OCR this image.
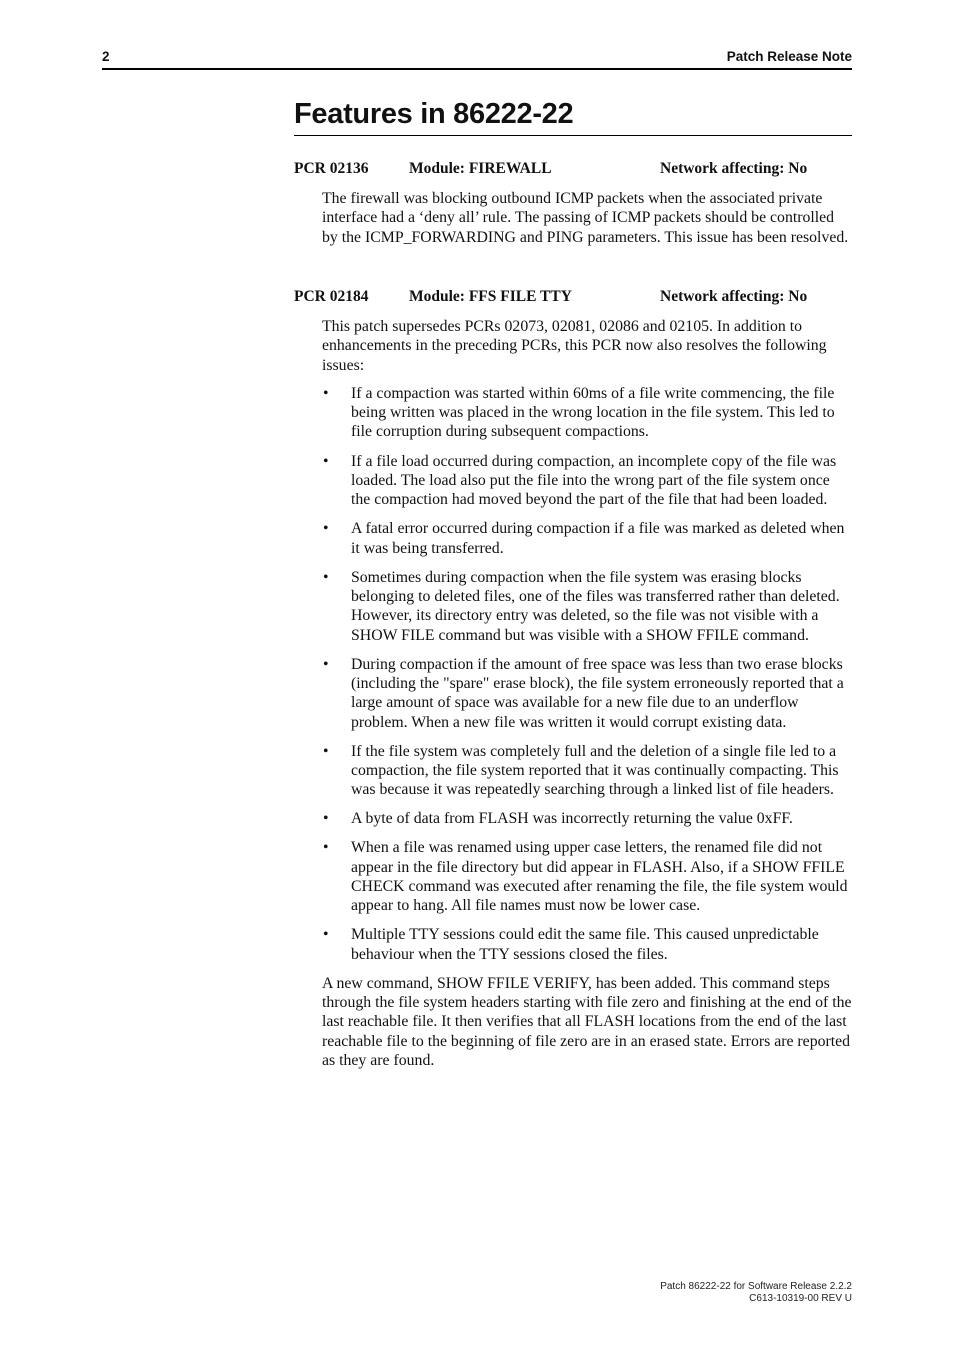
2	Patch Release Note
Features in 86222-22
PCR 02136	Module: FIREWALL	Network affecting: No

The firewall was blocking outbound ICMP packets when the associated private interface had a ‘deny all’ rule. The passing of ICMP packets should be controlled by the ICMP_FORWARDING and PING parameters. This issue has been resolved.

PCR 02184	Module: FFS FILE TTY	Network affecting: No

This patch supersedes PCRs 02073, 02081, 02086 and 02105. In addition to enhancements in the preceding PCRs, this PCR now also resolves the following issues:

• If a compaction was started within 60ms of a file write commencing, the file being written was placed in the wrong location in the file system. This led to file corruption during subsequent compactions.
• If a file load occurred during compaction, an incomplete copy of the file was loaded. The load also put the file into the wrong part of the file system once the compaction had moved beyond the part of the file that had been loaded.
• A fatal error occurred during compaction if a file was marked as deleted when it was being transferred.
• Sometimes during compaction when the file system was erasing blocks belonging to deleted files, one of the files was transferred rather than deleted. However, its directory entry was deleted, so the file was not visible with a SHOW FILE command but was visible with a SHOW FFILE command.
• During compaction if the amount of free space was less than two erase blocks (including the "spare" erase block), the file system erroneously reported that a large amount of space was available for a new file due to an underflow problem. When a new file was written it would corrupt existing data.
• If the file system was completely full and the deletion of a single file led to a compaction, the file system reported that it was continually compacting. This was because it was repeatedly searching through a linked list of file headers.
• A byte of data from FLASH was incorrectly returning the value 0xFF.
• When a file was renamed using upper case letters, the renamed file did not appear in the file directory but did appear in FLASH. Also, if a SHOW FFILE CHECK command was executed after renaming the file, the file system would appear to hang. All file names must now be lower case.
• Multiple TTY sessions could edit the same file. This caused unpredictable behaviour when the TTY sessions closed the files.

A new command, SHOW FFILE VERIFY, has been added. This command steps through the file system headers starting with file zero and finishing at the end of the last reachable file. It then verifies that all FLASH locations from the end of the last reachable file to the beginning of file zero are in an erased state. Errors are reported as they are found.

Patch 86222-22 for Software Release 2.2.2
C613-10319-00 REV U
